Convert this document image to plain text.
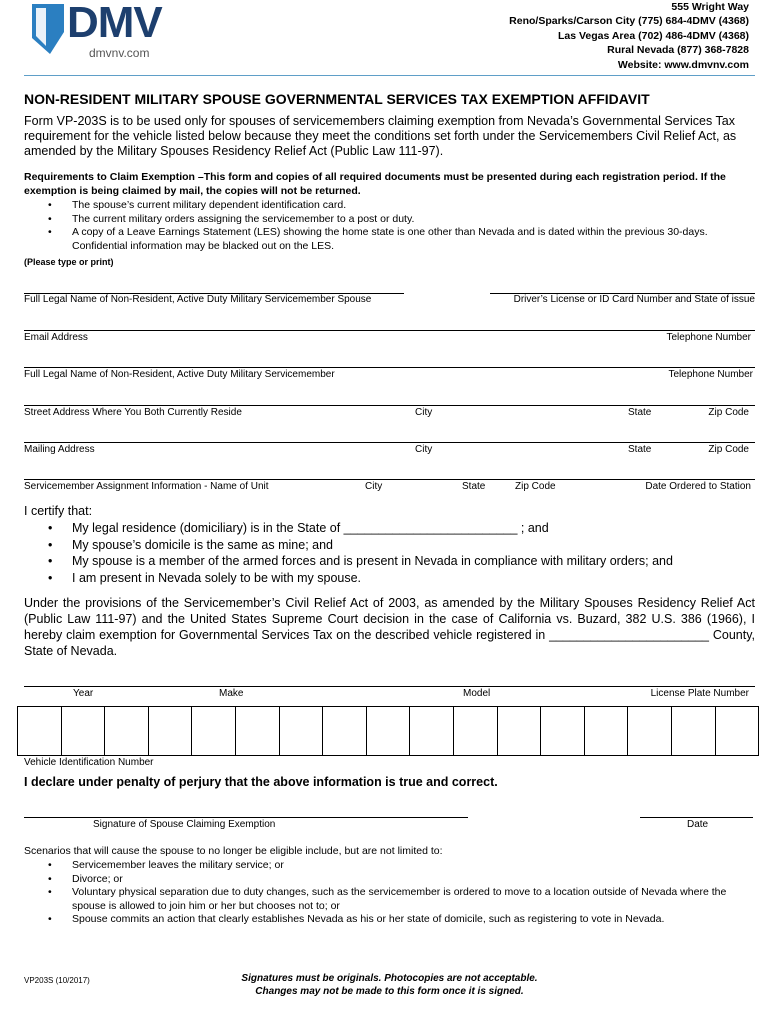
DMV
dmvnv.com
555 Wright Way
Reno/Sparks/Carson City (775) 684-4DMV (4368)
Las Vegas Area (702) 486-4DMV (4368)
Rural Nevada (877) 368-7828
Website: www.dmvnv.com
NON-RESIDENT MILITARY SPOUSE GOVERNMENTAL SERVICES TAX EXEMPTION AFFIDAVIT
Form VP-203S is to be used only for spouses of servicemembers claiming exemption from Nevada’s Governmental Services Tax requirement for the vehicle listed below because they meet the conditions set forth under the Servicemembers Civil Relief Act, as amended by the Military Spouses Residency Relief Act (Public Law 111-97).
Requirements to Claim Exemption –This form and copies of all required documents must be presented during each registration period. If the exemption is being claimed by mail, the copies will not be returned.
• The spouse’s current military dependent identification card.
• The current military orders assigning the servicemember to a post or duty.
• A copy of a Leave Earnings Statement (LES) showing the home state is one other than Nevada and is dated within the previous 30-days. Confidential information may be blacked out on the LES.
(Please type or print)
Full Legal Name of Non-Resident, Active Duty Military Servicemember Spouse	Driver’s License or ID Card Number and State of issue
Email Address	Telephone Number
Full Legal Name of Non-Resident, Active Duty Military Servicemember	Telephone Number
Street Address Where You Both Currently Reside	City	State	Zip Code
Mailing Address	City	State	Zip Code
Servicemember Assignment Information - Name of Unit	City	State	Zip Code	Date Ordered to Station
I certify that:
• My legal residence (domiciliary) is in the State of _________________________ ; and
• My spouse’s domicile is the same as mine; and
• My spouse is a member of the armed forces and is present in Nevada in compliance with military orders; and
• I am present in Nevada solely to be with my spouse.
Under the provisions of the Servicemember’s Civil Relief Act of 2003, as amended by the Military Spouses Residency Relief Act (Public Law 111-97) and the United States Supreme Court decision in the case of California vs. Buzard, 382 U.S. 386 (1966), I hereby claim exemption for Governmental Services Tax on the described vehicle registered in _______________________ County, State of Nevada.
Year	Make	Model	License Plate Number
Vehicle Identification Number
I declare under penalty of perjury that the above information is true and correct.
Signature of Spouse Claiming Exemption	Date
Scenarios that will cause the spouse to no longer be eligible include, but are not limited to:
• Servicemember leaves the military service; or
• Divorce; or
• Voluntary physical separation due to duty changes, such as the servicemember is ordered to move to a location outside of Nevada where the spouse is allowed to join him or her but chooses not to; or
• Spouse commits an action that clearly establishes Nevada as his or her state of domicile, such as registering to vote in Nevada.
VP203S (10/2017)	Signatures must be originals. Photocopies are not acceptable.
Changes may not be made to this form once it is signed.
